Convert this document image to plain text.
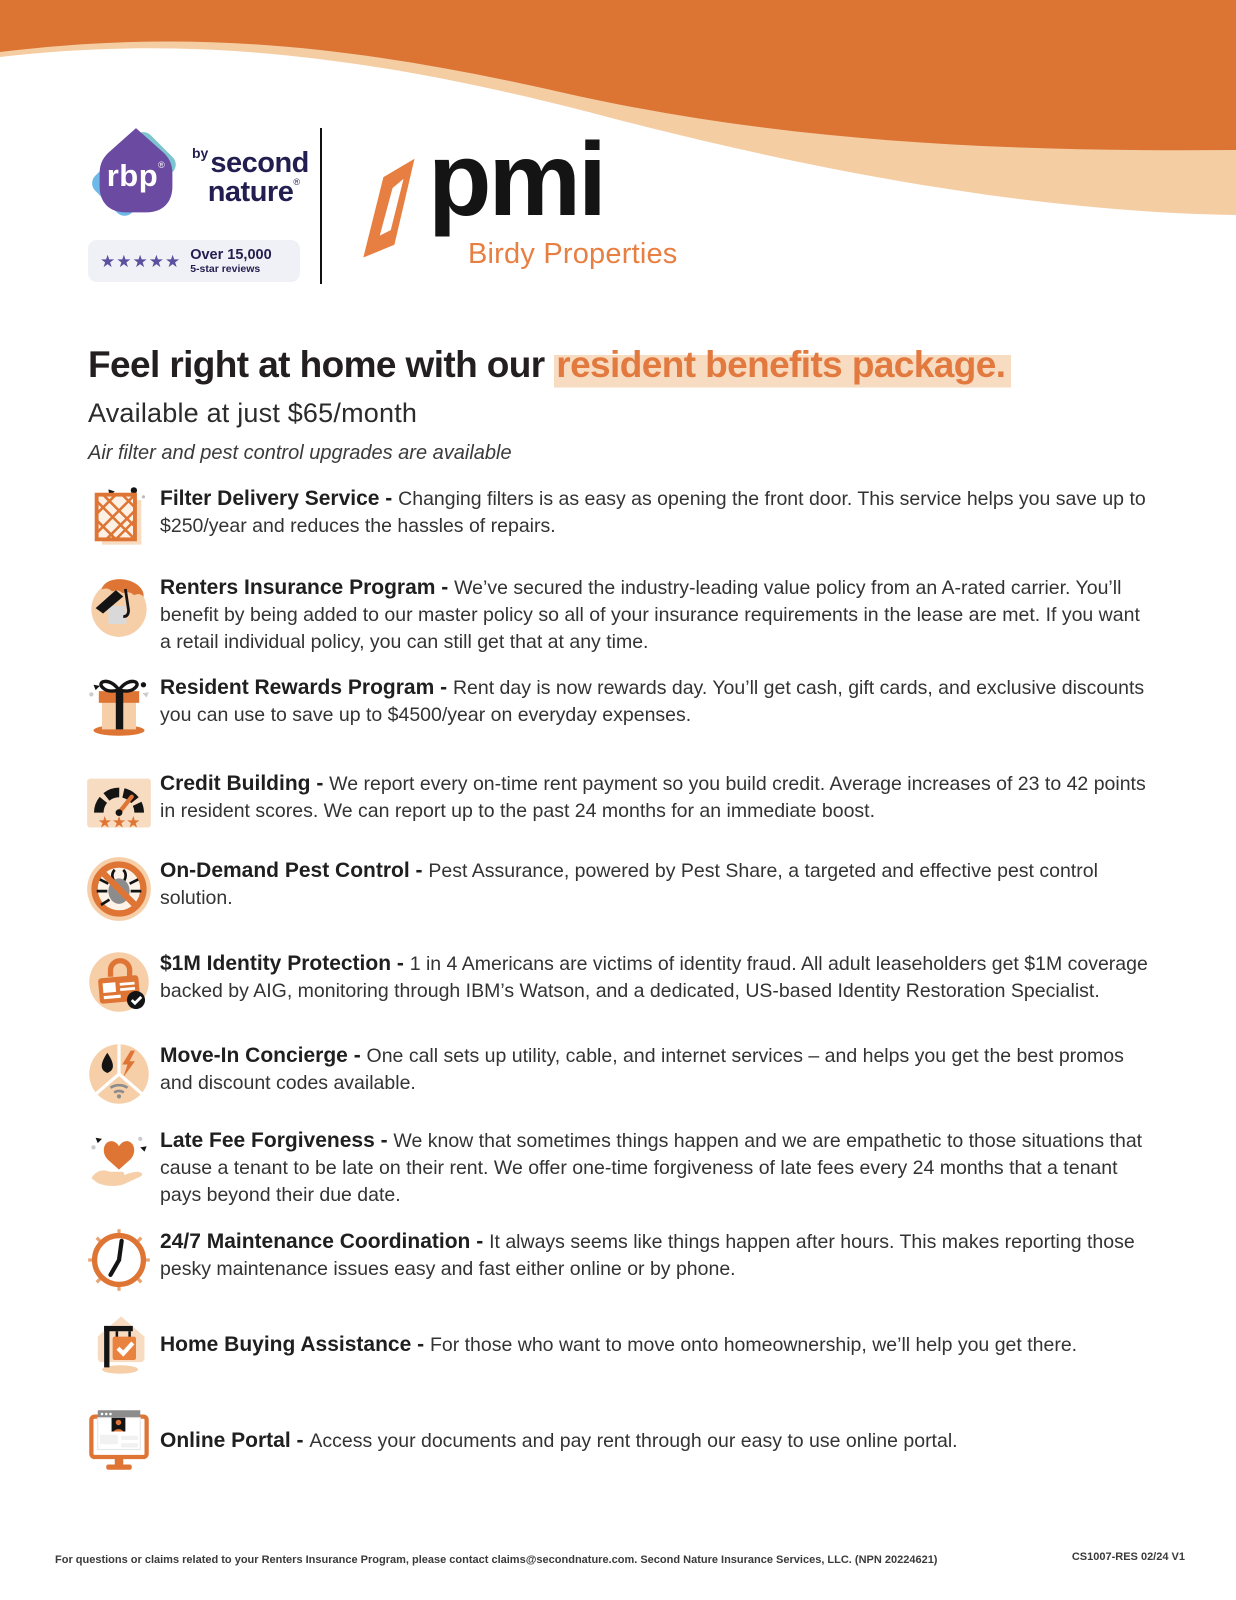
rbp®
bysecond
nature®
★★★★★ Over 15,000
5-star reviews
pmi
Birdy Properties
Feel right at home with our resident benefits package.
Available at just $65/month
Air filter and pest control upgrades are available
Filter Delivery Service - Changing filters is as easy as opening the front door. This service helps you save up to $250/year and reduces the hassles of repairs.
Renters Insurance Program - We’ve secured the industry-leading value policy from an A-rated carrier. You’ll benefit by being added to our master policy so all of your insurance requirements in the lease are met. If you want a retail individual policy, you can still get that at any time.
Resident Rewards Program - Rent day is now rewards day. You’ll get cash, gift cards, and exclusive discounts you can use to save up to $4500/year on everyday expenses.
★★★
Credit Building - We report every on-time rent payment so you build credit. Average increases of 23 to 42 points in resident scores. We can report up to the past 24 months for an immediate boost.
On-Demand Pest Control - Pest Assurance, powered by Pest Share, a targeted and effective pest control solution.
$1M Identity Protection - 1 in 4 Americans are victims of identity fraud. All adult leaseholders get $1M coverage backed by AIG, monitoring through IBM’s Watson, and a dedicated, US-based Identity Restoration Specialist.
Move-In Concierge - One call sets up utility, cable, and internet services – and helps you get the best promos and discount codes available.
Late Fee Forgiveness - We know that sometimes things happen and we are empathetic to those situations that cause a tenant to be late on their rent. We offer one-time forgiveness of late fees every 24 months that a tenant pays beyond their due date.
24/7 Maintenance Coordination - It always seems like things happen after hours. This makes reporting those pesky maintenance issues easy and fast either online or by phone.
Home Buying Assistance - For those who want to move onto homeownership, we’ll help you get there.
Online Portal - Access your documents and pay rent through our easy to use online portal.
For questions or claims related to your Renters Insurance Program, please contact claims@secondnature.com. Second Nature Insurance Services, LLC. (NPN 20224621)	CS1007-RES 02/24 V1
